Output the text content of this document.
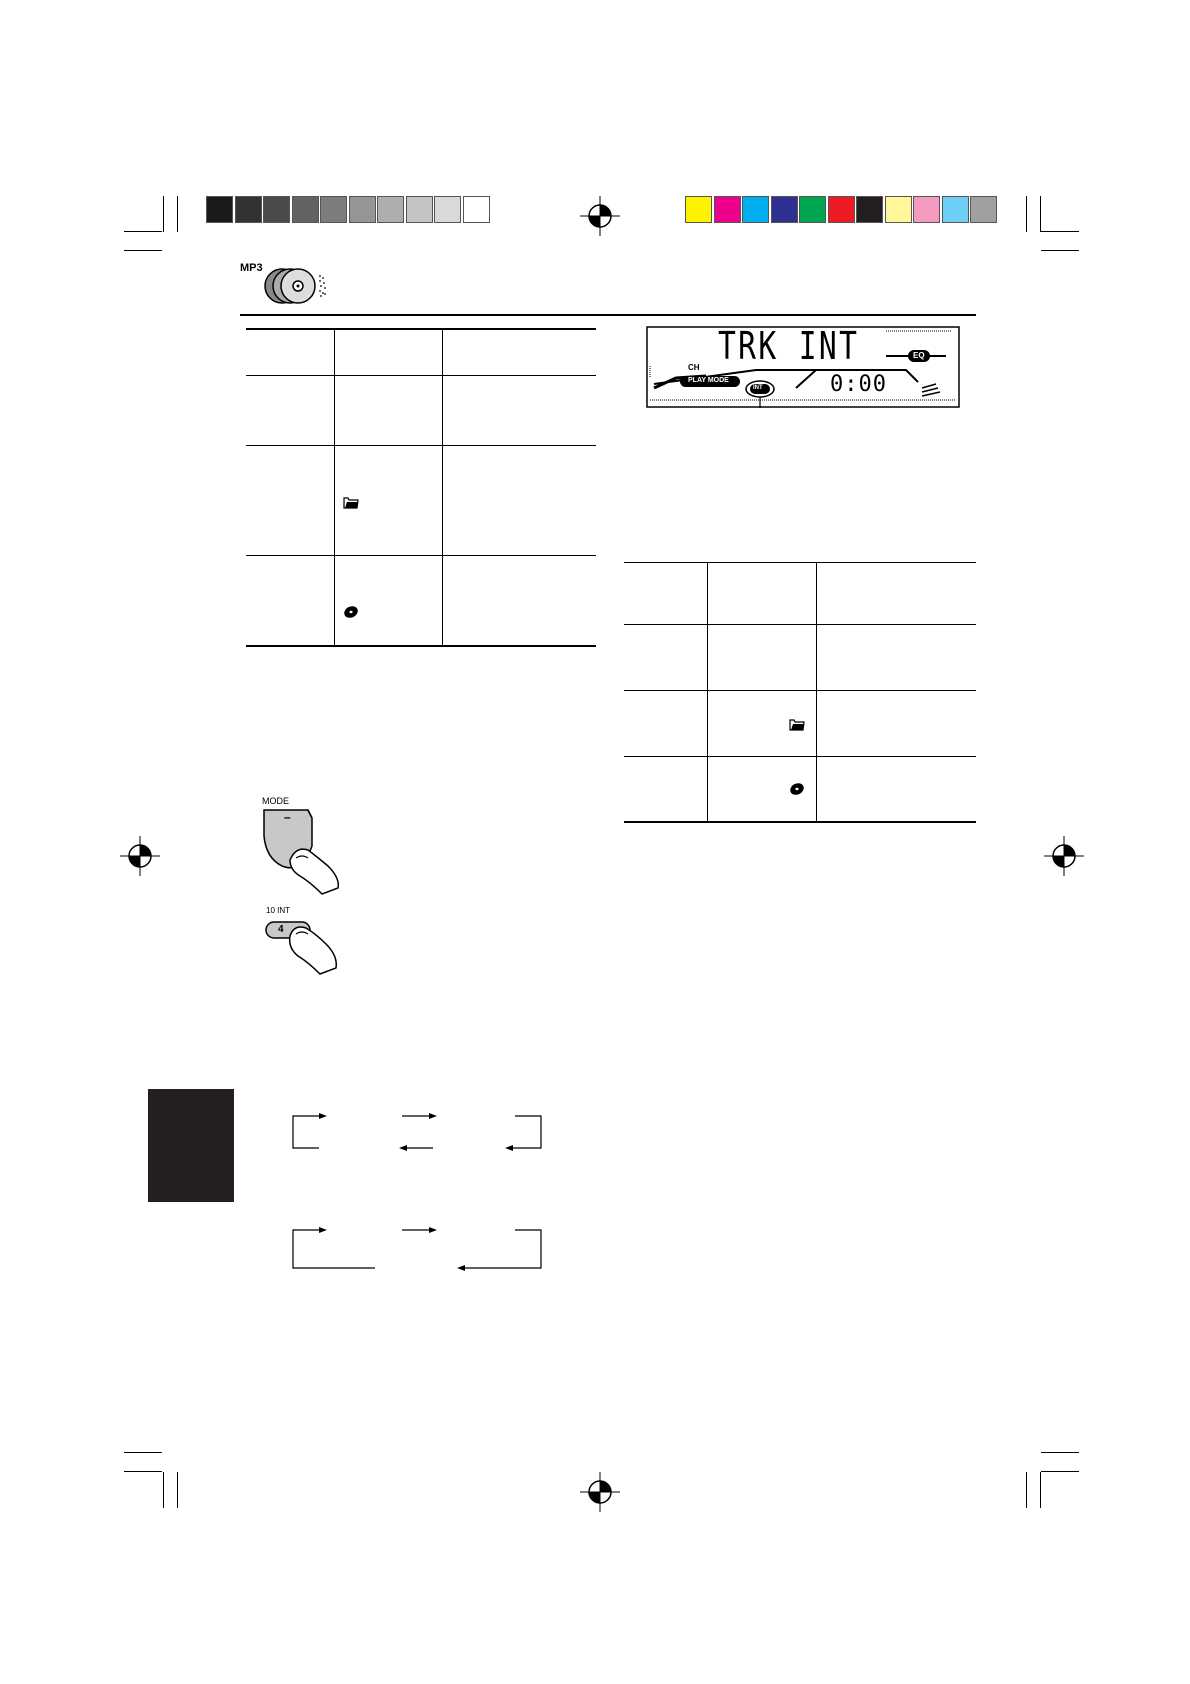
MP3
TRK INT
CH
PLAY MODE
EQ
INT	0:00
MODE
–
10 INT
4
